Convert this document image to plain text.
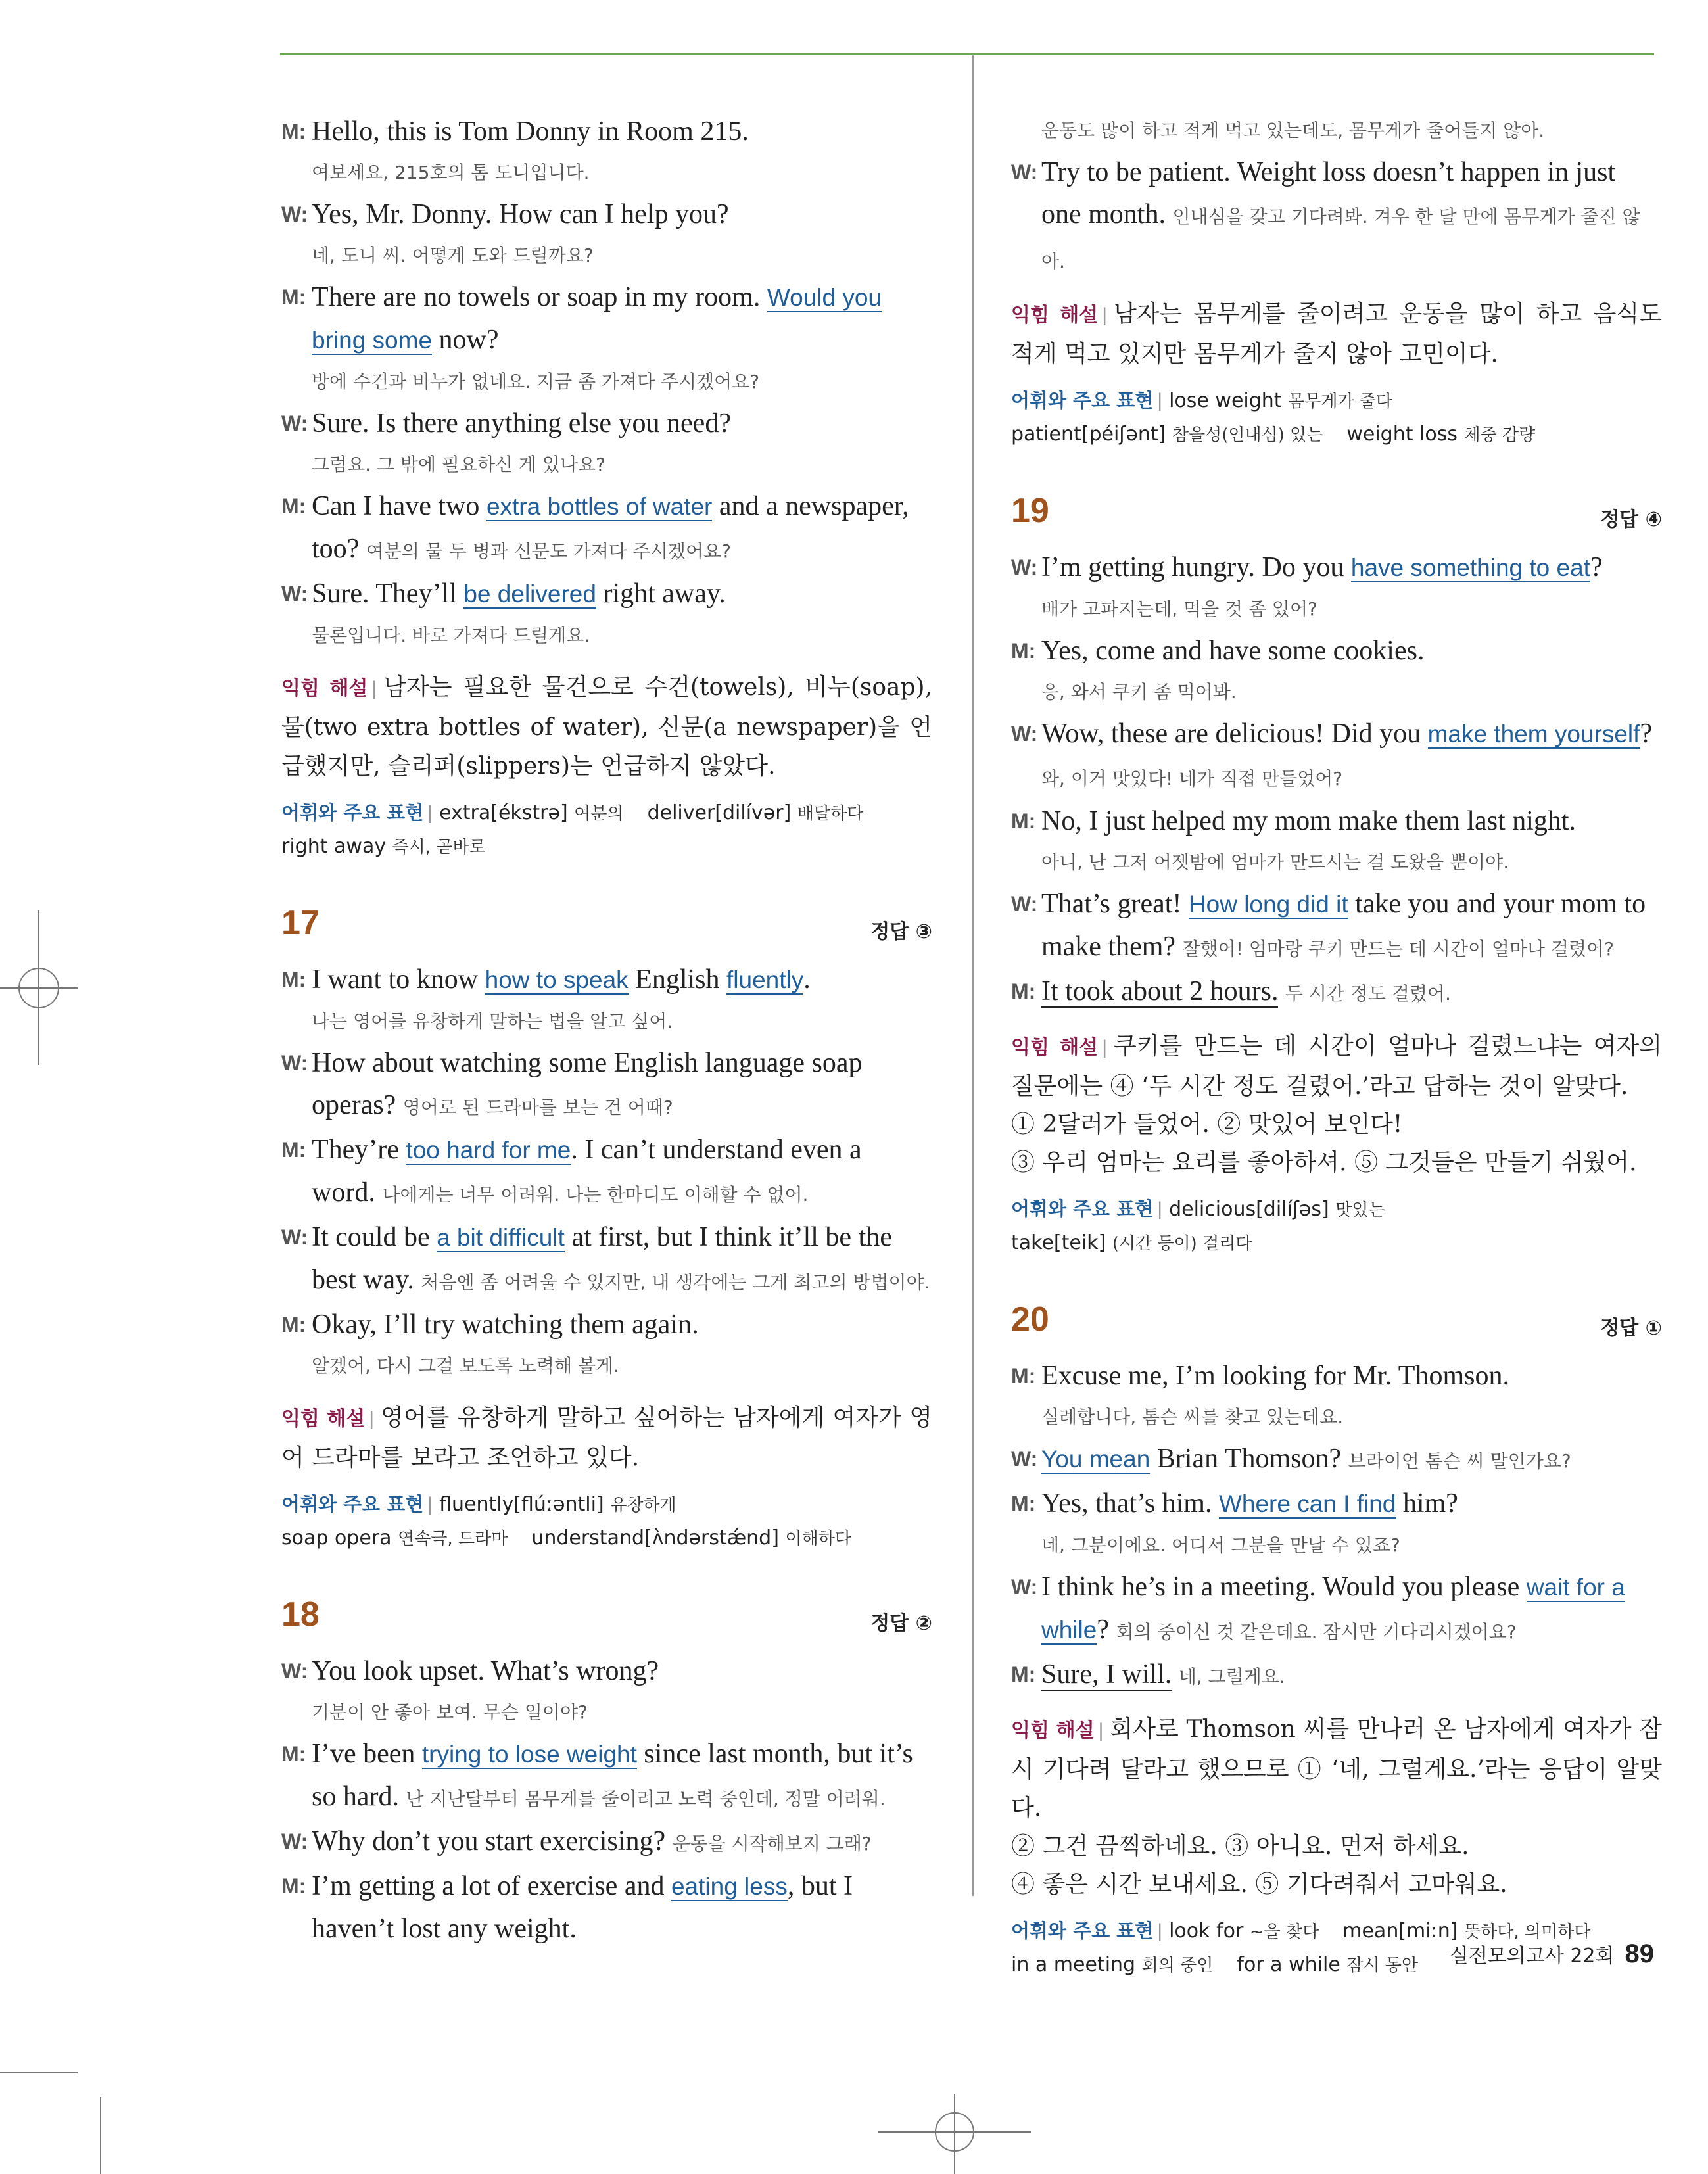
M: Hello, this is Tom Donny in Room 215.
여보세요, 215호의 톰 도니입니다.
W: Yes, Mr. Donny. How can I help you?
네, 도니 씨. 어떻게 도와 드릴까요?
M: There are no towels or soap in my room. Would you bring some now?
방에 수건과 비누가 없네요. 지금 좀 가져다 주시겠어요?
W: Sure. Is there anything else you need?
그럼요. 그 밖에 필요하신 게 있나요?
M: Can I have two extra bottles of water and a newspaper, too? 여분의 물 두 병과 신문도 가져다 주시겠어요?
W: Sure. They’ll be delivered right away.
물론입니다. 바로 가져다 드릴게요.
익힘 해설 | 남자는 필요한 물건으로 수건(towels), 비누(soap), 물(two extra bottles of water), 신문(a newspaper)을 언급했지만, 슬리퍼(slippers)는 언급하지 않았다.
어휘와 주요 표현 | extra[ékstrə] 여분의 deliver[dilívər] 배달하다
right away 즉시, 곧바로
17	정답 ③
M: I want to know how to speak English fluently.
나는 영어를 유창하게 말하는 법을 알고 싶어.
W: How about watching some English language soap operas? 영어로 된 드라마를 보는 건 어때?
M: They’re too hard for me. I can’t understand even a word. 나에게는 너무 어려워. 나는 한마디도 이해할 수 없어.
W: It could be a bit difficult at first, but I think it’ll be the best way. 처음엔 좀 어려울 수 있지만, 내 생각에는 그게 최고의 방법이야.
M: Okay, I’ll try watching them again.
알겠어, 다시 그걸 보도록 노력해 볼게.
익힘 해설 | 영어를 유창하게 말하고 싶어하는 남자에게 여자가 영어 드라마를 보라고 조언하고 있다.
어휘와 주요 표현 | fluently[flúːəntli] 유창하게
soap opera 연속극, 드라마 understand[ʌ̀ndərstǽnd] 이해하다
18	정답 ②
W: You look upset. What’s wrong?
기분이 안 좋아 보여. 무슨 일이야?
M: I’ve been trying to lose weight since last month, but it’s so hard. 난 지난달부터 몸무게를 줄이려고 노력 중인데, 정말 어려워.
W: Why don’t you start exercising? 운동을 시작해보지 그래?
M: I’m getting a lot of exercise and eating less, but I haven’t lost any weight.
운동도 많이 하고 적게 먹고 있는데도, 몸무게가 줄어들지 않아.
W: Try to be patient. Weight loss doesn’t happen in just one month. 인내심을 갖고 기다려봐. 겨우 한 달 만에 몸무게가 줄진 않아.
익힘 해설 | 남자는 몸무게를 줄이려고 운동을 많이 하고 음식도 적게 먹고 있지만 몸무게가 줄지 않아 고민이다.
어휘와 주요 표현 | lose weight 몸무게가 줄다
patient[péiʃənt] 참을성(인내심) 있는 weight loss 체중 감량
19	정답 ④
W: I’m getting hungry. Do you have something to eat?
배가 고파지는데, 먹을 것 좀 있어?
M: Yes, come and have some cookies.
응, 와서 쿠키 좀 먹어봐.
W: Wow, these are delicious! Did you make them yourself? 와, 이거 맛있다! 네가 직접 만들었어?
M: No, I just helped my mom make them last night.
아니, 난 그저 어젯밤에 엄마가 만드시는 걸 도왔을 뿐이야.
W: That’s great! How long did it take you and your mom to make them? 잘했어! 엄마랑 쿠키 만드는 데 시간이 얼마나 걸렸어?
M: It took about 2 hours. 두 시간 정도 걸렸어.
익힘 해설 | 쿠키를 만드는 데 시간이 얼마나 걸렸느냐는 여자의 질문에는 ④ ‘두 시간 정도 걸렸어.’라고 답하는 것이 알맞다.
① 2달러가 들었어. ② 맛있어 보인다!
③ 우리 엄마는 요리를 좋아하셔. ⑤ 그것들은 만들기 쉬웠어.
어휘와 주요 표현 | delicious[dilíʃəs] 맛있는
take[teik] (시간 등이) 걸리다
20	정답 ①
M: Excuse me, I’m looking for Mr. Thomson.
실례합니다, 톰슨 씨를 찾고 있는데요.
W: You mean Brian Thomson? 브라이언 톰슨 씨 말인가요?
M: Yes, that’s him. Where can I find him?
네, 그분이에요. 어디서 그분을 만날 수 있죠?
W: I think he’s in a meeting. Would you please wait for a while? 회의 중이신 것 같은데요. 잠시만 기다리시겠어요?
M: Sure, I will. 네, 그럴게요.
익힘 해설 | 회사로 Thomson 씨를 만나러 온 남자에게 여자가 잠시 기다려 달라고 했으므로 ① ‘네, 그럴게요.’라는 응답이 알맞다.
② 그건 끔찍하네요. ③ 아니요. 먼저 하세요.
④ 좋은 시간 보내세요. ⑤ 기다려줘서 고마워요.
어휘와 주요 표현 | look for ~을 찾다 mean[miːn] 뜻하다, 의미하다
in a meeting 회의 중인 for a while 잠시 동안	실전모의고사 22회 89
